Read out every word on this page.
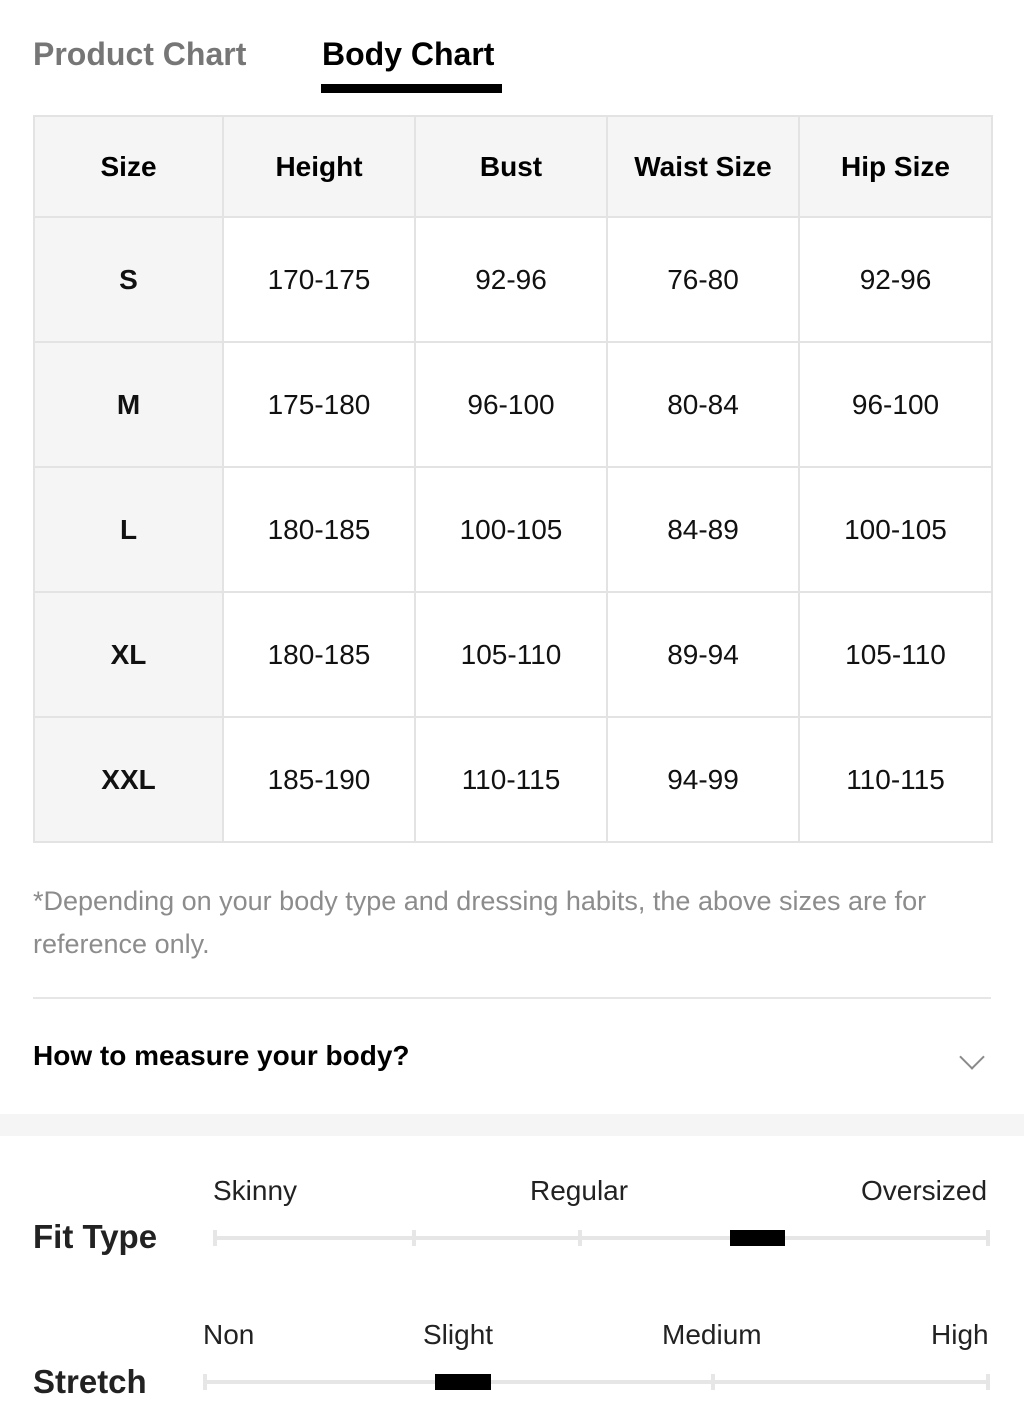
Product Chart Body Chart
Size	Height	Bust	Waist Size	Hip Size
S	170-175	92-96	76-80	92-96
M	175-180	96-100	80-84	96-100
L	180-185	100-105	84-89	100-105
XL	180-185	105-110	89-94	105-110
XXL	185-190	110-115	94-99	110-115
*Depending on your body type and dressing habits, the above sizes are for reference only.
How to measure your body?
Fit Type
Skinny	Regular	Oversized
Stretch
Non	Slight	Medium	High
